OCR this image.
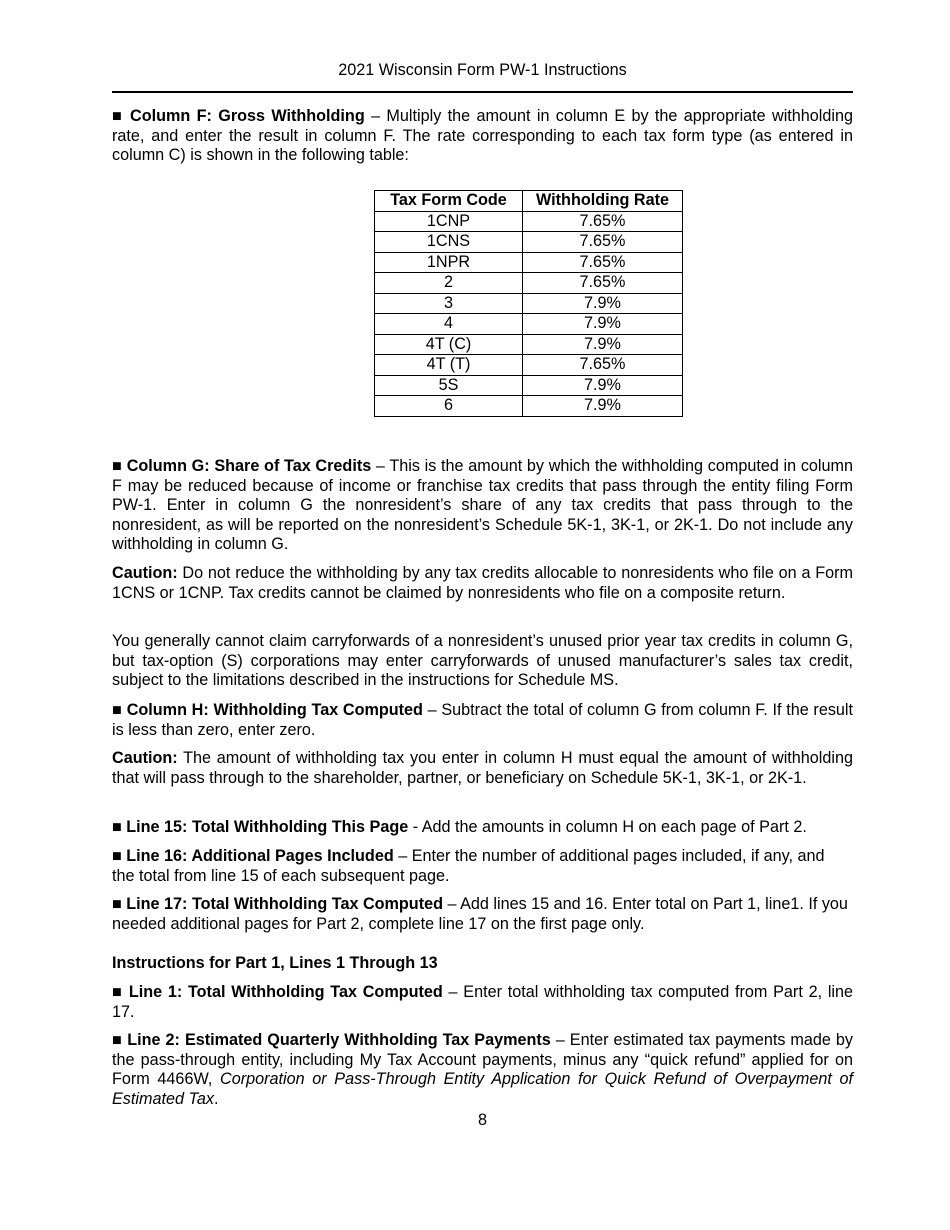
2021 Wisconsin Form PW-1 Instructions

■ Column F: Gross Withholding – Multiply the amount in column E by the appropriate withholding rate, and enter the result in column F. The rate corresponding to each tax form type (as entered in column C) is shown in the following table:

Tax Form Code	Withholding Rate
1CNP	7.65%
1CNS	7.65%
1NPR	7.65%
2	7.65%
3	7.9%
4	7.9%
4T (C)	7.9%
4T (T)	7.65%
5S	7.9%
6	7.9%

■ Column G: Share of Tax Credits – This is the amount by which the withholding computed in column F may be reduced because of income or franchise tax credits that pass through the entity filing Form PW-1. Enter in column G the nonresident’s share of any tax credits that pass through to the nonresident, as will be reported on the nonresident’s Schedule 5K-1, 3K-1, or 2K-1. Do not include any withholding in column G.

Caution: Do not reduce the withholding by any tax credits allocable to nonresidents who file on a Form 1CNS or 1CNP. Tax credits cannot be claimed by nonresidents who file on a composite return.

You generally cannot claim carryforwards of a nonresident’s unused prior year tax credits in column G, but tax-option (S) corporations may enter carryforwards of unused manufacturer’s sales tax credit, subject to the limitations described in the instructions for Schedule MS.

■ Column H: Withholding Tax Computed – Subtract the total of column G from column F. If the result is less than zero, enter zero.

Caution: The amount of withholding tax you enter in column H must equal the amount of withholding that will pass through to the shareholder, partner, or beneficiary on Schedule 5K-1, 3K-1, or 2K-1.

■ Line 15: Total Withholding This Page - Add the amounts in column H on each page of Part 2.

■ Line 16: Additional Pages Included – Enter the number of additional pages included, if any, and the total from line 15 of each subsequent page.

■ Line 17: Total Withholding Tax Computed – Add lines 15 and 16. Enter total on Part 1, line1. If you needed additional pages for Part 2, complete line 17 on the first page only.

Instructions for Part 1, Lines 1 Through 13

■ Line 1: Total Withholding Tax Computed – Enter total withholding tax computed from Part 2, line 17.

■ Line 2: Estimated Quarterly Withholding Tax Payments – Enter estimated tax payments made by the pass-through entity, including My Tax Account payments, minus any “quick refund” applied for on Form 4466W, Corporation or Pass-Through Entity Application for Quick Refund of Overpayment of Estimated Tax.

8
